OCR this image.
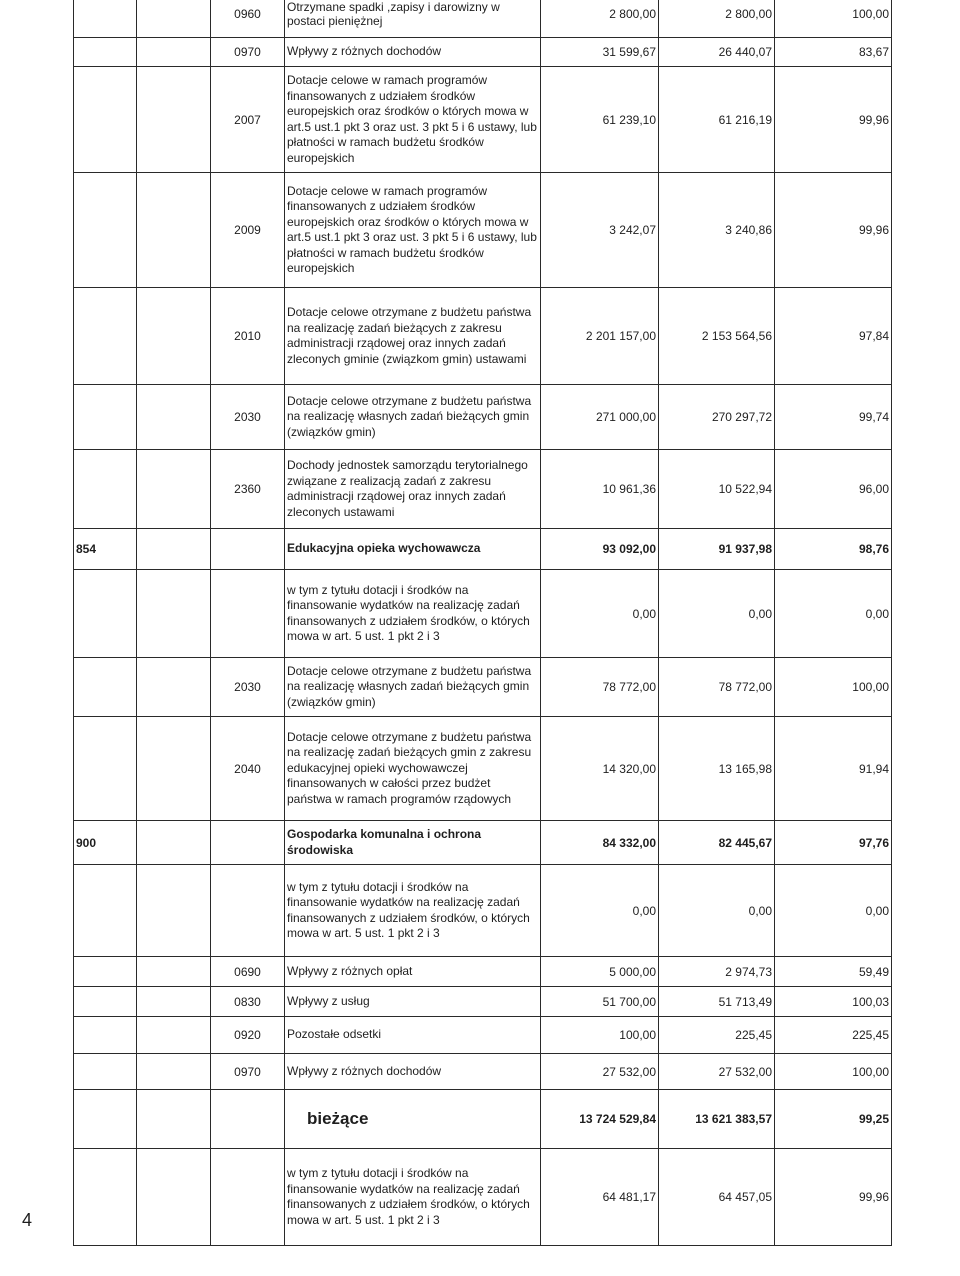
		0960	Otrzymane spadki ,zapisy i darowizny w postaci pieniężnej	2 800,00	2 800,00	100,00
		0970	Wpływy z różnych dochodów	31 599,67	26 440,07	83,67
		2007	Dotacje celowe w ramach programów finansowanych z udziałem środków europejskich oraz środków o których mowa w art.5 ust.1 pkt 3 oraz ust. 3 pkt 5 i 6 ustawy, lub płatności w ramach budżetu środków europejskich	61 239,10	61 216,19	99,96
		2009	Dotacje celowe w ramach programów finansowanych z udziałem środków europejskich oraz środków o których mowa w art.5 ust.1 pkt 3 oraz ust. 3 pkt 5 i 6 ustawy, lub płatności w ramach budżetu środków europejskich	3 242,07	3 240,86	99,96
		2010	Dotacje celowe otrzymane z budżetu państwa na realizację zadań bieżących z zakresu administracji rządowej oraz innych zadań zleconych gminie (związkom gmin) ustawami	2 201 157,00	2 153 564,56	97,84
		2030	Dotacje celowe otrzymane z budżetu państwa na realizację własnych zadań bieżących gmin (związków gmin)	271 000,00	270 297,72	99,74
		2360	Dochody jednostek samorządu terytorialnego związane z realizacją zadań z zakresu administracji rządowej oraz innych zadań zleconych ustawami	10 961,36	10 522,94	96,00
854			Edukacyjna opieka wychowawcza	93 092,00	91 937,98	98,76
			w tym z tytułu dotacji i środków na finansowanie wydatków na realizację zadań finansowanych z udziałem środków, o których mowa w art. 5 ust. 1 pkt 2 i 3	0,00	0,00	0,00
		2030	Dotacje celowe otrzymane z budżetu państwa na realizację własnych zadań bieżących gmin (związków gmin)	78 772,00	78 772,00	100,00
		2040	Dotacje celowe otrzymane z budżetu państwa na realizację zadań bieżących gmin z zakresu edukacyjnej opieki wychowawczej finansowanych w całości przez budżet państwa w ramach programów rządowych	14 320,00	13 165,98	91,94
900			Gospodarka komunalna i ochrona środowiska	84 332,00	82 445,67	97,76
			w tym z tytułu dotacji i środków na finansowanie wydatków na realizację zadań finansowanych z udziałem środków, o których mowa w art. 5 ust. 1 pkt 2 i 3	0,00	0,00	0,00
		0690	Wpływy z różnych opłat	5 000,00	2 974,73	59,49
		0830	Wpływy z usług	51 700,00	51 713,49	100,03
		0920	Pozostałe odsetki	100,00	225,45	225,45
		0970	Wpływy z różnych dochodów	27 532,00	27 532,00	100,00

			bieżące	13 724 529,84	13 621 383,57	99,25
			w tym z tytułu dotacji i środków na finansowanie wydatków na realizację zadań finansowanych z udziałem środków, o których mowa w art. 5 ust. 1 pkt 2 i 3	64 481,17	64 457,05	99,96
4
